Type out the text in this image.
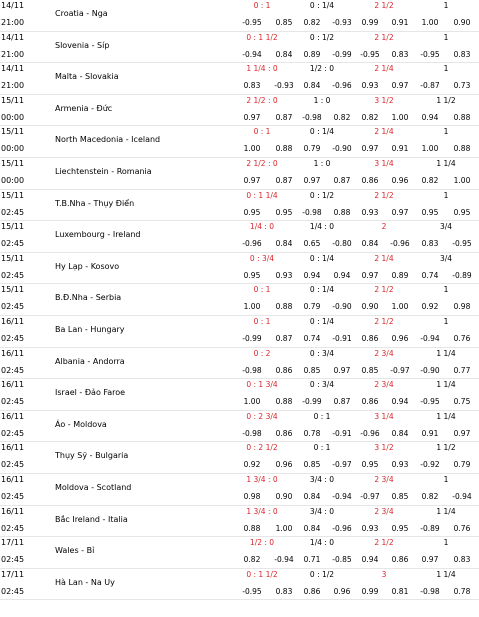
14/11
21:00
Croatia - Nga
0 : 1	0 : 1/4	2 1/2	1
-0.95	0.85	0.82	-0.93	0.99	0.91	1.00	0.90
14/11
21:00
Slovenia - Síp
0 : 1 1/2	0 : 1/2	2 1/2	1
-0.94	0.84	0.89	-0.99	-0.95	0.83	-0.95	0.83
14/11
21:00
Malta - Slovakia
1 1/4 : 0	1/2 : 0	2 1/4	1
0.83	-0.93	0.84	-0.96	0.93	0.97	-0.87	0.73
15/11
00:00
Armenia - Đức
2 1/2 : 0	1 : 0	3 1/2	1 1/2
0.97	0.87	-0.98	0.82	0.82	1.00	0.94	0.88
15/11
00:00
North Macedonia - Iceland
0 : 1	0 : 1/4	2 1/4	1
1.00	0.88	0.79	-0.90	0.97	0.91	1.00	0.88
15/11
00:00
Liechtenstein - Romania
2 1/2 : 0	1 : 0	3 1/4	1 1/4
0.97	0.87	0.97	0.87	0.86	0.96	0.82	1.00
15/11
02:45
T.B.Nha - Thụy Điển
0 : 1 1/4	0 : 1/2	2 1/2	1
0.95	0.95	-0.98	0.88	0.93	0.97	0.95	0.95
15/11
02:45
Luxembourg - Ireland
1/4 : 0	1/4 : 0	2	3/4
-0.96	0.84	0.65	-0.80	0.84	-0.96	0.83	-0.95
15/11
02:45
Hy Lạp - Kosovo
0 : 3/4	0 : 1/4	2 1/4	3/4
0.95	0.93	0.94	0.94	0.97	0.89	0.74	-0.89
15/11
02:45
B.Đ.Nha - Serbia
0 : 1	0 : 1/4	2 1/2	1
1.00	0.88	0.79	-0.90	0.90	1.00	0.92	0.98
16/11
02:45
Ba Lan - Hungary
0 : 1	0 : 1/4	2 1/2	1
-0.99	0.87	0.74	-0.91	0.86	0.96	-0.94	0.76
16/11
02:45
Albania - Andorra
0 : 2	0 : 3/4	2 3/4	1 1/4
-0.98	0.86	0.85	0.97	0.85	-0.97	-0.90	0.77
16/11
02:45
Israel - Đảo Faroe
0 : 1 3/4	0 : 3/4	2 3/4	1 1/4
1.00	0.88	-0.99	0.87	0.86	0.94	-0.95	0.75
16/11
02:45
Áo - Moldova
0 : 2 3/4	0 : 1	3 1/4	1 1/4
-0.98	0.86	0.78	-0.91	-0.96	0.84	0.91	0.97
16/11
02:45
Thụy Sỹ - Bulgaria
0 : 2 1/2	0 : 1	3 1/2	1 1/2
0.92	0.96	0.85	-0.97	0.95	0.93	-0.92	0.79
16/11
02:45
Moldova - Scotland
1 3/4 : 0	3/4 : 0	2 3/4	1
0.98	0.90	0.84	-0.94	-0.97	0.85	0.82	-0.94
16/11
02:45
Bắc Ireland - Italia
1 3/4 : 0	3/4 : 0	2 3/4	1 1/4
0.88	1.00	0.84	-0.96	0.93	0.95	-0.89	0.76
17/11
02:45
Wales - Bỉ
1/2 : 0	1/4 : 0	2 1/2	1
0.82	-0.94	0.71	-0.85	0.94	0.86	0.97	0.83
17/11
02:45
Hà Lan - Na Uy
0 : 1 1/2	0 : 1/2	3	1 1/4
-0.95	0.83	0.86	0.96	0.99	0.81	-0.98	0.78
